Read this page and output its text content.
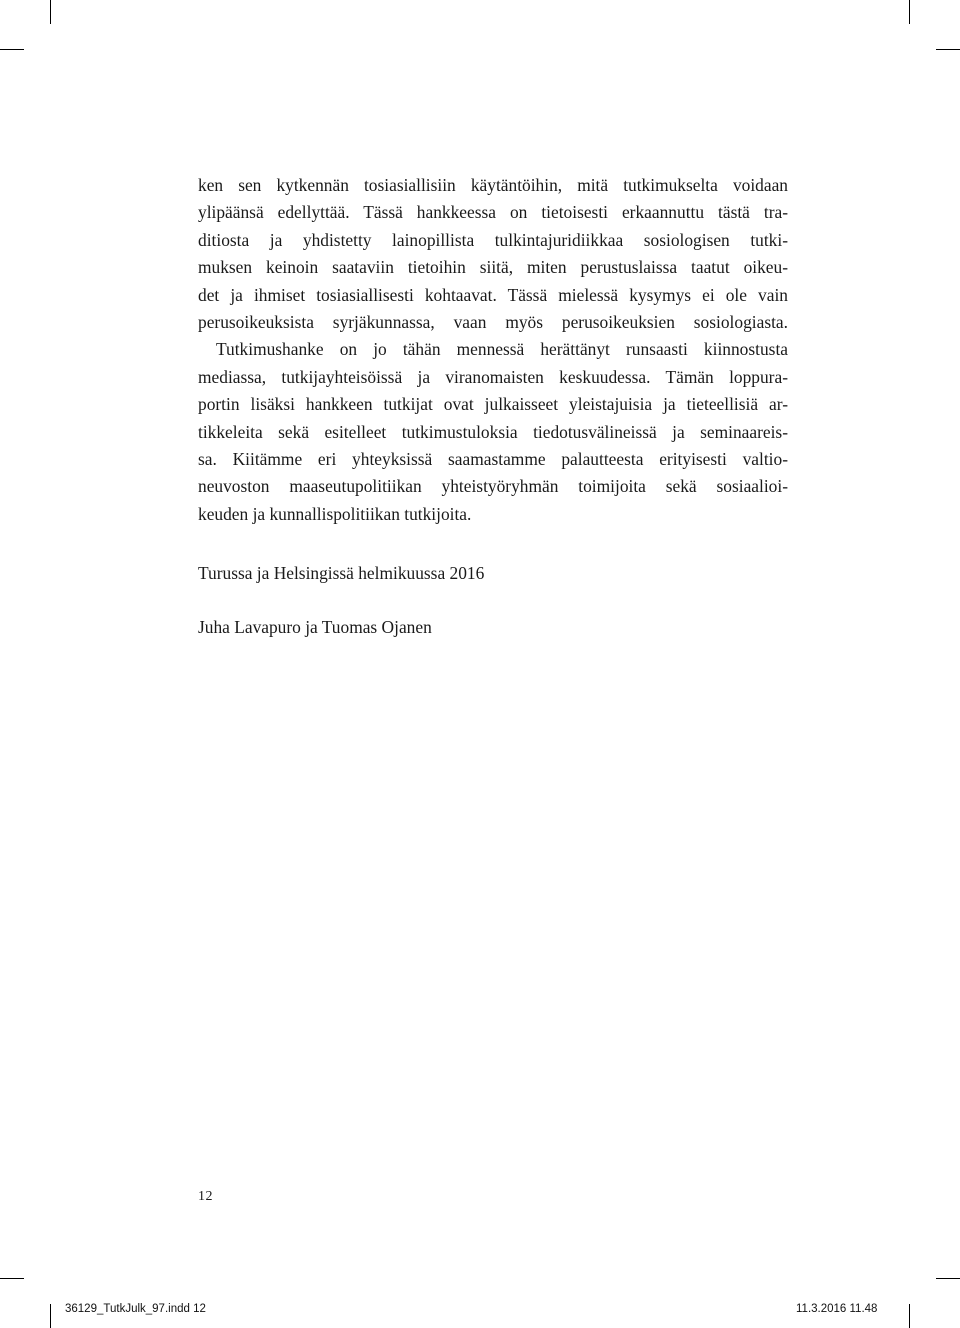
ken sen kytkennän tosiasiallisiin käytäntöihin, mitä tutkimukselta voidaan
ylipäänsä edellyttää. Tässä hankkeessa on tietoisesti erkaannuttu tästä tra-
ditiosta ja yhdistetty lainopillista tulkintajuridiikkaa sosiologisen tutki-
muksen keinoin saataviin tietoihin siitä, miten perustuslaissa taatut oikeu-
det ja ihmiset tosiasiallisesti kohtaavat. Tässä mielessä kysymys ei ole vain
perusoikeuksista syrjäkunnassa, vaan myös perusoikeuksien sosiologiasta.
Tutkimushanke on jo tähän mennessä herättänyt runsaasti kiinnostusta
mediassa, tutkijayhteisöissä ja viranomaisten keskuudessa. Tämän loppura-
portin lisäksi hankkeen tutkijat ovat julkaisseet yleistajuisia ja tieteellisiä ar-
tikkeleita sekä esitelleet tutkimustuloksia tiedotusvälineissä ja seminaareis-
sa. Kiitämme eri yhteyksissä saamastamme palautteesta erityisesti valtio-
neuvoston maaseutupolitiikan yhteistyöryhmän toimijoita sekä sosiaalioi-
keuden ja kunnallispolitiikan tutkijoita.
Turussa ja Helsingissä helmikuussa 2016
Juha Lavapuro ja Tuomas Ojanen
12
36129_TutkJulk_97.indd 12	11.3.2016 11.48
